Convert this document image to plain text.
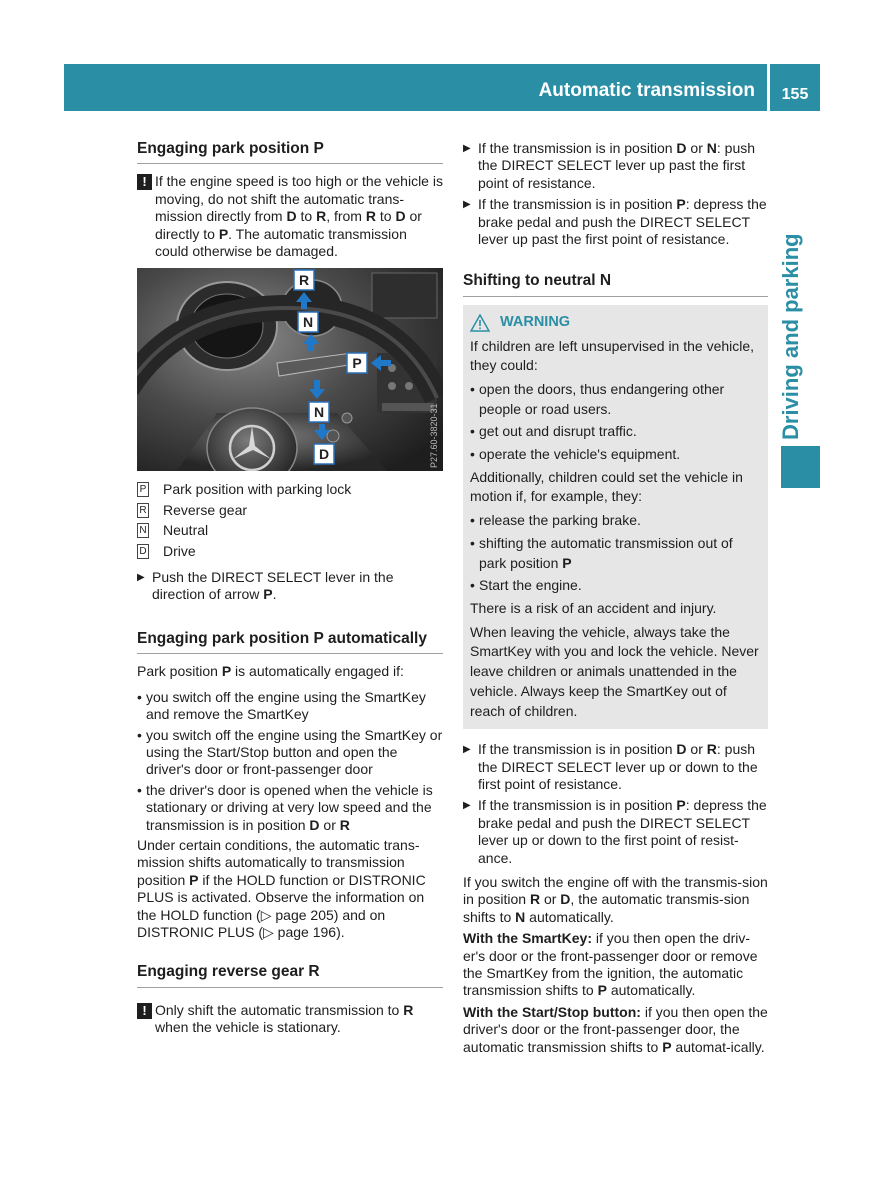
Automatic transmission	155
Driving and parking
Engaging park position P
! If the engine speed is too high or the vehicle is moving, do not shift the automatic trans-mission directly from D to R, from R to D or directly to P. The automatic transmission could otherwise be damaged.
R
N
P
N
D	P27.60-3820-31
P Park position with parking lock
R Reverse gear
N Neutral
D Drive
▶ Push the DIRECT SELECT lever in the direction of arrow P.
Engaging park position P automatically

Park position P is automatically engaged if:

• you switch off the engine using the SmartKey and remove the SmartKey
• you switch off the engine using the SmartKey or using the Start/Stop button and open the driver's door or front-passenger door
• the driver's door is opened when the vehicle is stationary or driving at very low speed and the transmission is in position D or R

Under certain conditions, the automatic trans-mission shifts automatically to transmission position P if the HOLD function or DISTRONIC PLUS is activated. Observe the information on the HOLD function (▷ page 205) and on DISTRONIC PLUS (▷ page 196).

Engaging reverse gear R
! Only shift the automatic transmission to R when the vehicle is stationary.
▶ If the transmission is in position D or N: push the DIRECT SELECT lever up past the first point of resistance.
▶ If the transmission is in position P: depress the brake pedal and push the DIRECT SELECT lever up past the first point of resistance.
Shifting to neutral N
WARNING

If children are left unsupervised in the vehicle, they could:

• open the doors, thus endangering other people or road users.
• get out and disrupt traffic.
• operate the vehicle's equipment.

Additionally, children could set the vehicle in motion if, for example, they:

• release the parking brake.
• shifting the automatic transmission out of park position P
• Start the engine.

There is a risk of an accident and injury.

When leaving the vehicle, always take the SmartKey with you and lock the vehicle. Never leave children or animals unattended in the vehicle. Always keep the SmartKey out of reach of children.

▶ If the transmission is in position D or R: push the DIRECT SELECT lever up or down to the first point of resistance.
▶ If the transmission is in position P: depress the brake pedal and push the DIRECT SELECT lever up or down to the first point of resist-ance.

If you switch the engine off with the transmis-sion in position R or D, the automatic transmis-sion shifts to N automatically.

With the SmartKey: if you then open the driv-er's door or the front-passenger door or remove the SmartKey from the ignition, the automatic transmission shifts to P automatically.

With the Start/Stop button: if you then open the driver's door or the front-passenger door, the automatic transmission shifts to P automat-ically.
